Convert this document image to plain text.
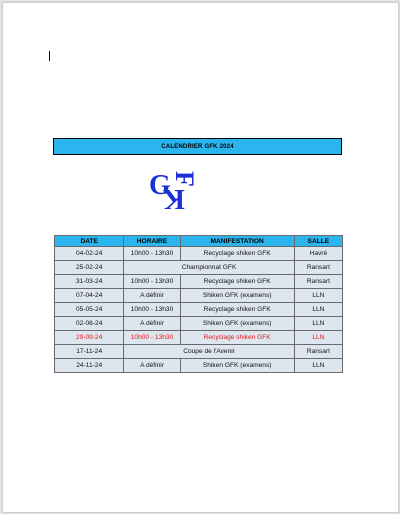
CALENDRIER GFK 2024
G F
K
DATE	HORAIRE	MANIFESTATION	SALLE
04-02-24	10h00 - 13h30	Recyclage shiken GFK	Havré
25-02-24	Championnat GFK		Ransart
31-03-24	10h00 - 13h30	Recyclage shiken GFK	Ransart
07-04-24	A définir	Shiken GFK (examens)	LLN
05-05-24	10h00 - 13h30	Recyclage shiken GFK	LLN
02-06-24	A définir	Shiken GFK (examens)	LLN
29-09-24	10h00 - 13h30	Recyclage shiken GFK	LLN
17-11-24	Coupe de l'Avenir		Ransart
24-11-24	A définir	Shiken GFK (examens)	LLN
